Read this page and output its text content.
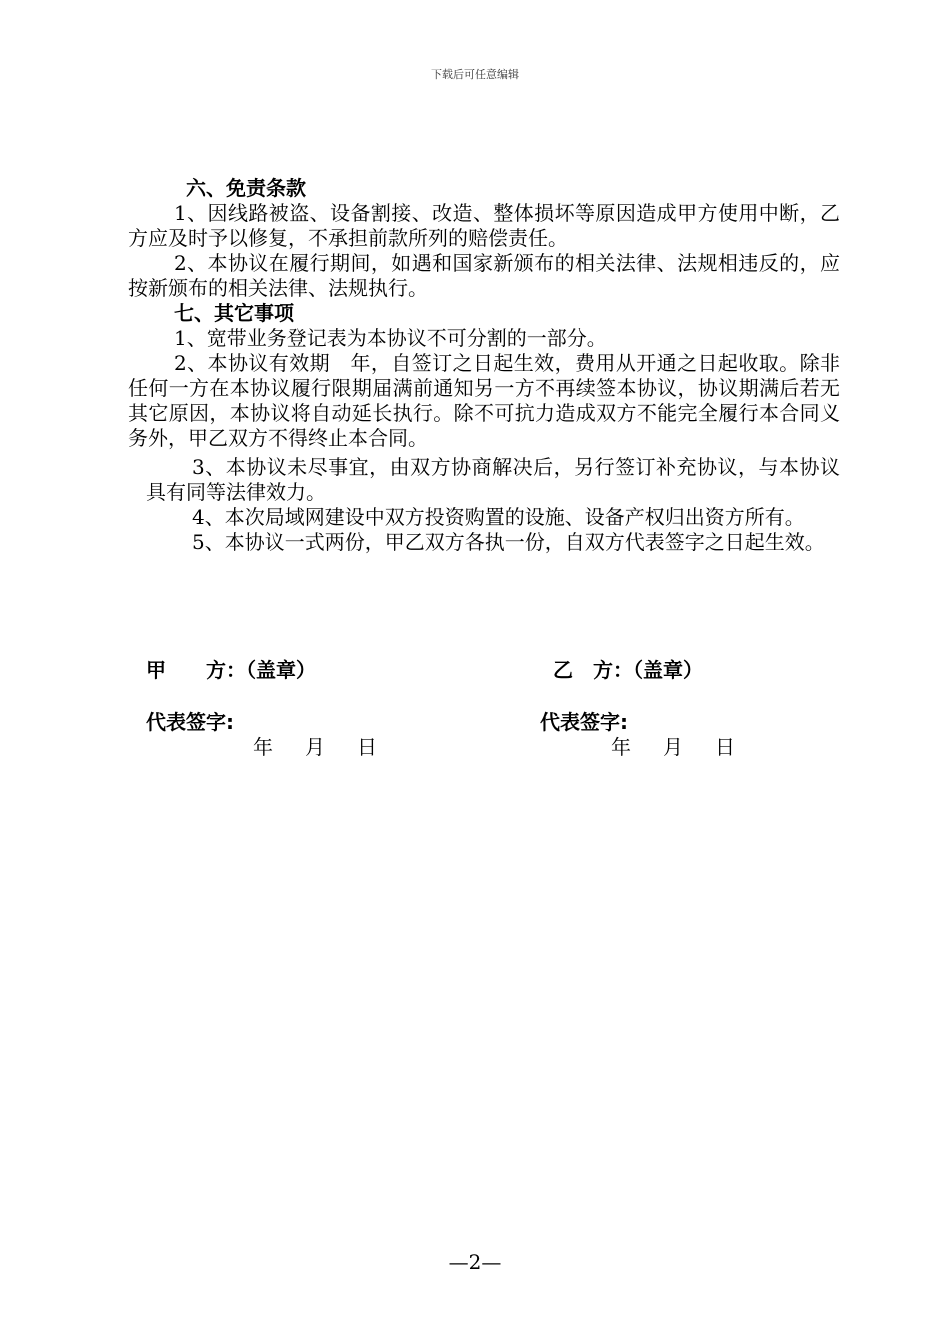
下载后可任意编辑
六、免责条款
1、因线路被盗、设备割接、改造、整体损坏等原因造成甲方使用中断，乙方应及时予以修复，不承担前款所列的赔偿责任。
2、本协议在履行期间，如遇和国家新颁布的相关法律、法规相违反的，应按新颁布的相关法律、法规执行。
七、其它事项
1、宽带业务登记表为本协议不可分割的一部分。
2、本协议有效期　年，自签订之日起生效，费用从开通之日起收取。除非任何一方在本协议履行限期届满前通知另一方不再续签本协议，协议期满后若无其它原因，本协议将自动延长执行。除不可抗力造成双方不能完全履行本合同义务外，甲乙双方不得终止本合同。
3、本协议未尽事宜，由双方协商解决后，另行签订补充协议，与本协议具有同等法律效力。
4、本次局域网建设中双方投资购置的设施、设备产权归出资方所有。
5、本协议一式两份，甲乙双方各执一份，自双方代表签字之日起生效。
甲　　方：（盖章）	乙　方：（盖章）
代表签字:	代表签字:
年　月　日	年　月　日
—2—
